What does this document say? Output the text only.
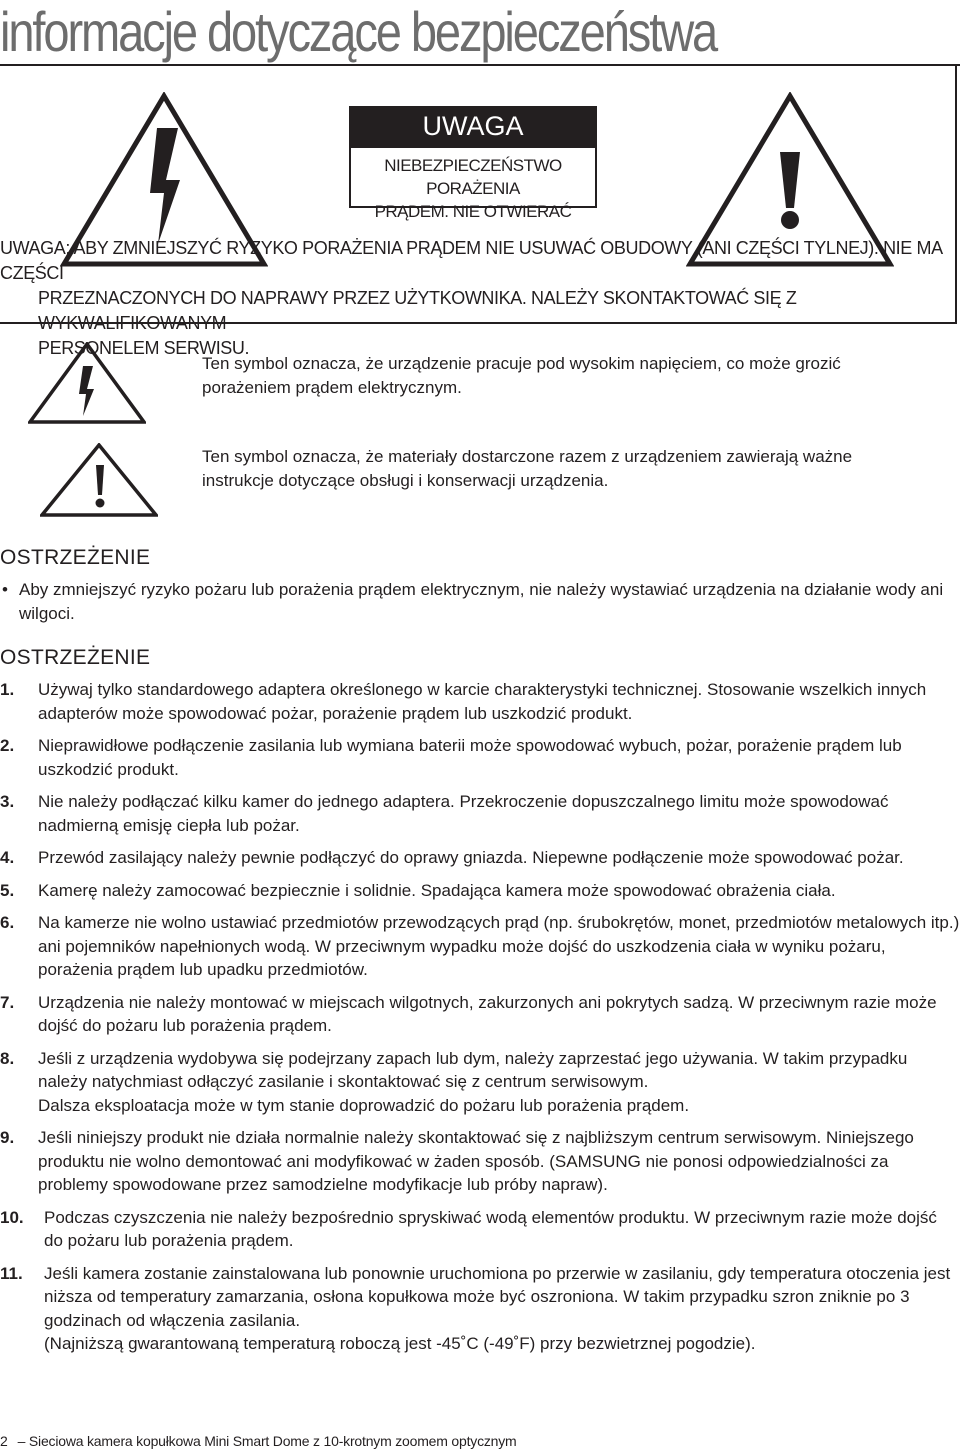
informacje dotyczące bezpieczeństwa
UWAGA
NIEBEZPIECZEŃSTWO PORAŻENIA
PRĄDEM. NIE OTWIERAĆ
UWAGA: ABY ZMNIEJSZYĆ RYZYKO PORAŻENIA PRĄDEM NIE USUWAĆ OBUDOWY (ANI CZĘŚCI TYLNEJ). NIE MA CZĘŚCI
PRZEZNACZONYCH DO NAPRAWY PRZEZ UŻYTKOWNIKA. NALEŻY SKONTAKTOWAĆ SIĘ Z WYKWALIFIKOWANYM
PERSONELEM SERWISU.
Ten symbol oznacza, że urządzenie pracuje pod wysokim napięciem, co może grozić porażeniem prądem elektrycznym.
Ten symbol oznacza, że materiały dostarczone razem z urządzeniem zawierają ważne instrukcje dotyczące obsługi i konserwacji urządzenia.
OSTRZEŻENIE
• Aby zmniejszyć ryzyko pożaru lub porażenia prądem elektrycznym, nie należy wystawiać urządzenia na działanie wody ani wilgoci.
OSTRZEŻENIE
1. Używaj tylko standardowego adaptera określonego w karcie charakterystyki technicznej. Stosowanie wszelkich innych adapterów może spowodować pożar, porażenie prądem lub uszkodzić produkt.
2. Nieprawidłowe podłączenie zasilania lub wymiana baterii może spowodować wybuch, pożar, porażenie prądem lub uszkodzić produkt.
3. Nie należy podłączać kilku kamer do jednego adaptera. Przekroczenie dopuszczalnego limitu może spowodować nadmierną emisję ciepła lub pożar.
4. Przewód zasilający należy pewnie podłączyć do oprawy gniazda. Niepewne podłączenie może spowodować pożar.
5. Kamerę należy zamocować bezpiecznie i solidnie. Spadająca kamera może spowodować obrażenia ciała.
6. Na kamerze nie wolno ustawiać przedmiotów przewodzących prąd (np. śrubokrętów, monet, przedmiotów metalowych itp.) ani pojemników napełnionych wodą. W przeciwnym wypadku może dojść do uszkodzenia ciała w wyniku pożaru, porażenia prądem lub upadku przedmiotów.
7. Urządzenia nie należy montować w miejscach wilgotnych, zakurzonych ani pokrytych sadzą. W przeciwnym razie może dojść do pożaru lub porażenia prądem.
8. Jeśli z urządzenia wydobywa się podejrzany zapach lub dym, należy zaprzestać jego używania. W takim przypadku należy natychmiast odłączyć zasilanie i skontaktować się z centrum serwisowym.
Dalsza eksploatacja może w tym stanie doprowadzić do pożaru lub porażenia prądem.
9. Jeśli niniejszy produkt nie działa normalnie należy skontaktować się z najbliższym centrum serwisowym. Niniejszego produktu nie wolno demontować ani modyfikować w żaden sposób. (SAMSUNG nie ponosi odpowiedzialności za problemy spowodowane przez samodzielne modyfikacje lub próby napraw).
10. Podczas czyszczenia nie należy bezpośrednio spryskiwać wodą elementów produktu. W przeciwnym razie może dojść do pożaru lub porażenia prądem.
11. Jeśli kamera zostanie zainstalowana lub ponownie uruchomiona po przerwie w zasilaniu, gdy temperatura otoczenia jest niższa od temperatury zamarzania, osłona kopułkowa może być oszroniona. W takim przypadku szron zniknie po 3 godzinach od włączenia zasilania.
(Najniższą gwarantowaną temperaturą roboczą jest -45˚C (-49˚F) przy bezwietrznej pogodzie).
2 – Sieciowa kamera kopułkowa Mini Smart Dome z 10-krotnym zoomem optycznym
